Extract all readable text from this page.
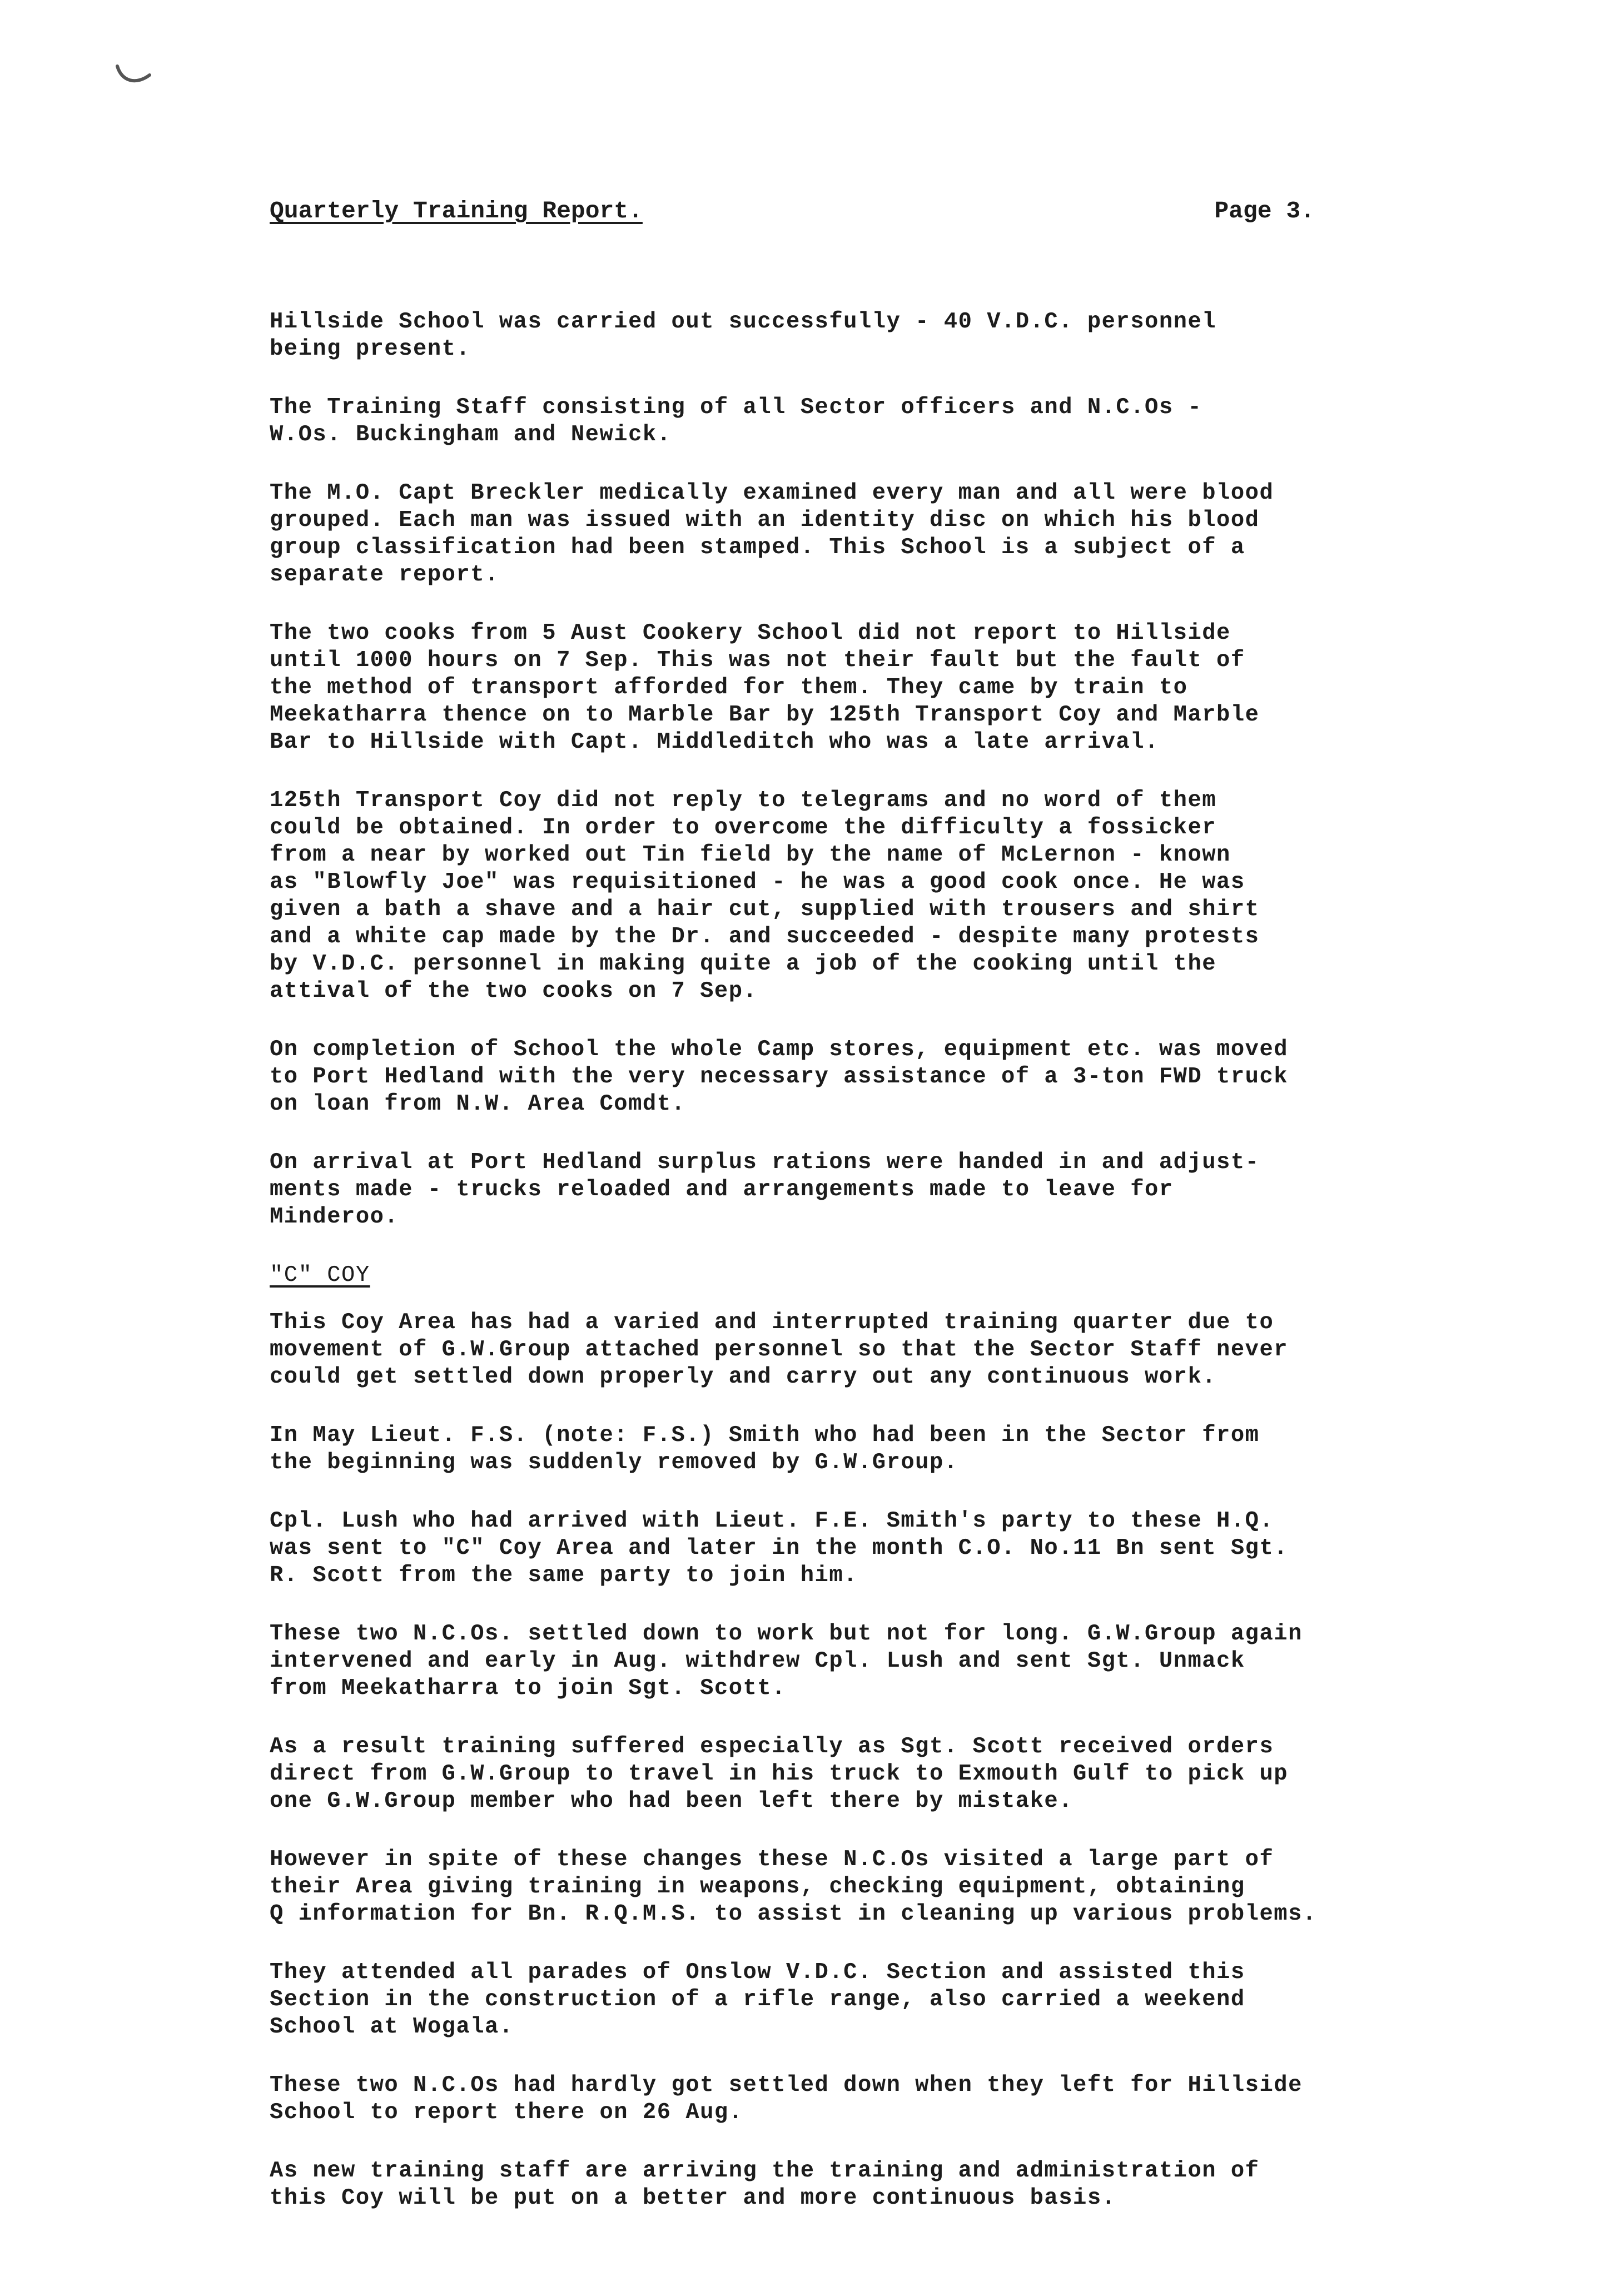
Quarterly Training Report.	Page 3.

Hillside School was carried out successfully - 40 V.D.C. personnel
being present.

The Training Staff consisting of all Sector officers and N.C.Os -
W.Os. Buckingham and Newick.

The M.O. Capt Breckler medically examined every man and all were blood
grouped. Each man was issued with an identity disc on which his blood
group classification had been stamped. This School is a subject of a
separate report.

The two cooks from 5 Aust Cookery School did not report to Hillside
until 1000 hours on 7 Sep. This was not their fault but the fault of
the method of transport afforded for them. They came by train to
Meekatharra thence on to Marble Bar by 125th Transport Coy and Marble
Bar to Hillside with Capt. Middleditch who was a late arrival.

125th Transport Coy did not reply to telegrams and no word of them
could be obtained. In order to overcome the difficulty a fossicker
from a near by worked out Tin field by the name of McLernon - known
as "Blowfly Joe" was requisitioned - he was a good cook once. He was
given a bath a shave and a hair cut, supplied with trousers and shirt
and a white cap made by the Dr. and succeeded - despite many protests
by V.D.C. personnel in making quite a job of the cooking until the
attival of the two cooks on 7 Sep.

On completion of School the whole Camp stores, equipment etc. was moved
to Port Hedland with the very necessary assistance of a 3-ton FWD truck
on loan from N.W. Area Comdt.

On arrival at Port Hedland surplus rations were handed in and adjust-
ments made - trucks reloaded and arrangements made to leave for
Minderoo.

"C" COY

This Coy Area has had a varied and interrupted training quarter due to
movement of G.W.Group attached personnel so that the Sector Staff never
could get settled down properly and carry out any continuous work.

In May Lieut. F.S. (note: F.S.) Smith who had been in the Sector from
the beginning was suddenly removed by G.W.Group.

Cpl. Lush who had arrived with Lieut. F.E. Smith's party to these H.Q.
was sent to "C" Coy Area and later in the month C.O. No.11 Bn sent Sgt.
R. Scott from the same party to join him.

These two N.C.Os. settled down to work but not for long. G.W.Group again
intervened and early in Aug. withdrew Cpl. Lush and sent Sgt. Unmack
from Meekatharra to join Sgt. Scott.

As a result training suffered especially as Sgt. Scott received orders
direct from G.W.Group to travel in his truck to Exmouth Gulf to pick up
one G.W.Group member who had been left there by mistake.

However in spite of these changes these N.C.Os visited a large part of
their Area giving training in weapons, checking equipment, obtaining
Q information for Bn. R.Q.M.S. to assist in cleaning up various problems.

They attended all parades of Onslow V.D.C. Section and assisted this
Section in the construction of a rifle range, also carried a weekend
School at Wogala.

These two N.C.Os had hardly got settled down when they left for Hillside
School to report there on 26 Aug.

As new training staff are arriving the training and administration of
this Coy will be put on a better and more continuous basis.
